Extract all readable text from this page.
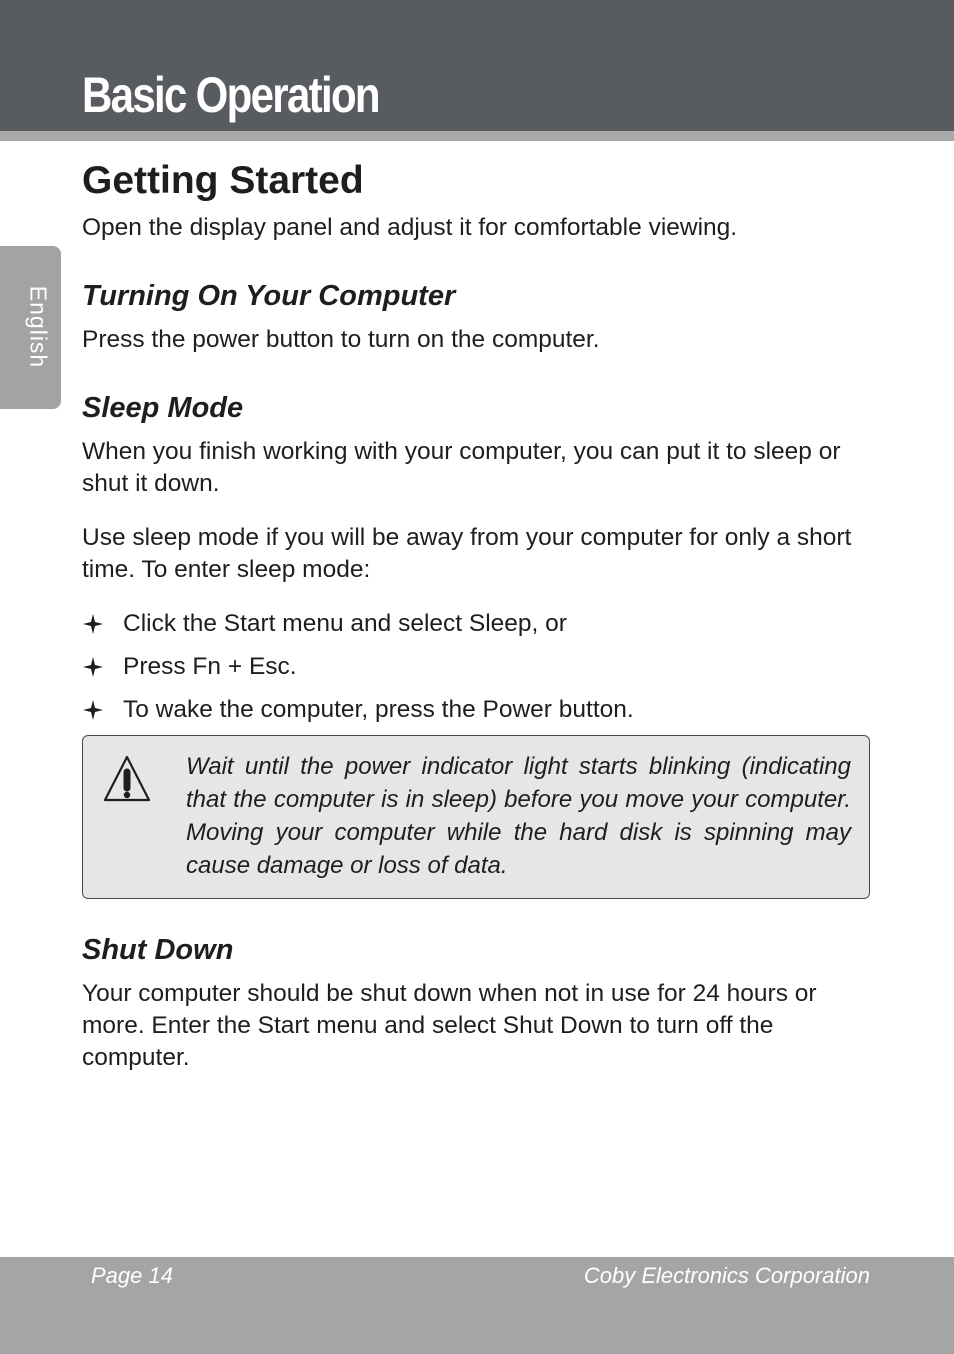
Basic Operation
English
Getting Started

Open the display panel and adjust it for comfortable viewing.

Turning On Your Computer

Press the power button to turn on the computer.

Sleep Mode

When you finish working with your computer, you can put it to sleep or shut it down.

Use sleep mode if you will be away from your computer for only a short time. To enter sleep mode:

Click the Start menu and select Sleep, or
Press Fn + Esc.
To wake the computer, press the Power button.

Wait until the power indicator light starts blinking (indicating that the computer is in sleep) before you move your computer. Moving your computer while the hard disk is spinning may cause damage or loss of data.

Shut Down

Your computer should be shut down when not in use for 24 hours or more. Enter the Start menu and select Shut Down to turn off the computer.

Page 14	Coby Electronics Corporation
